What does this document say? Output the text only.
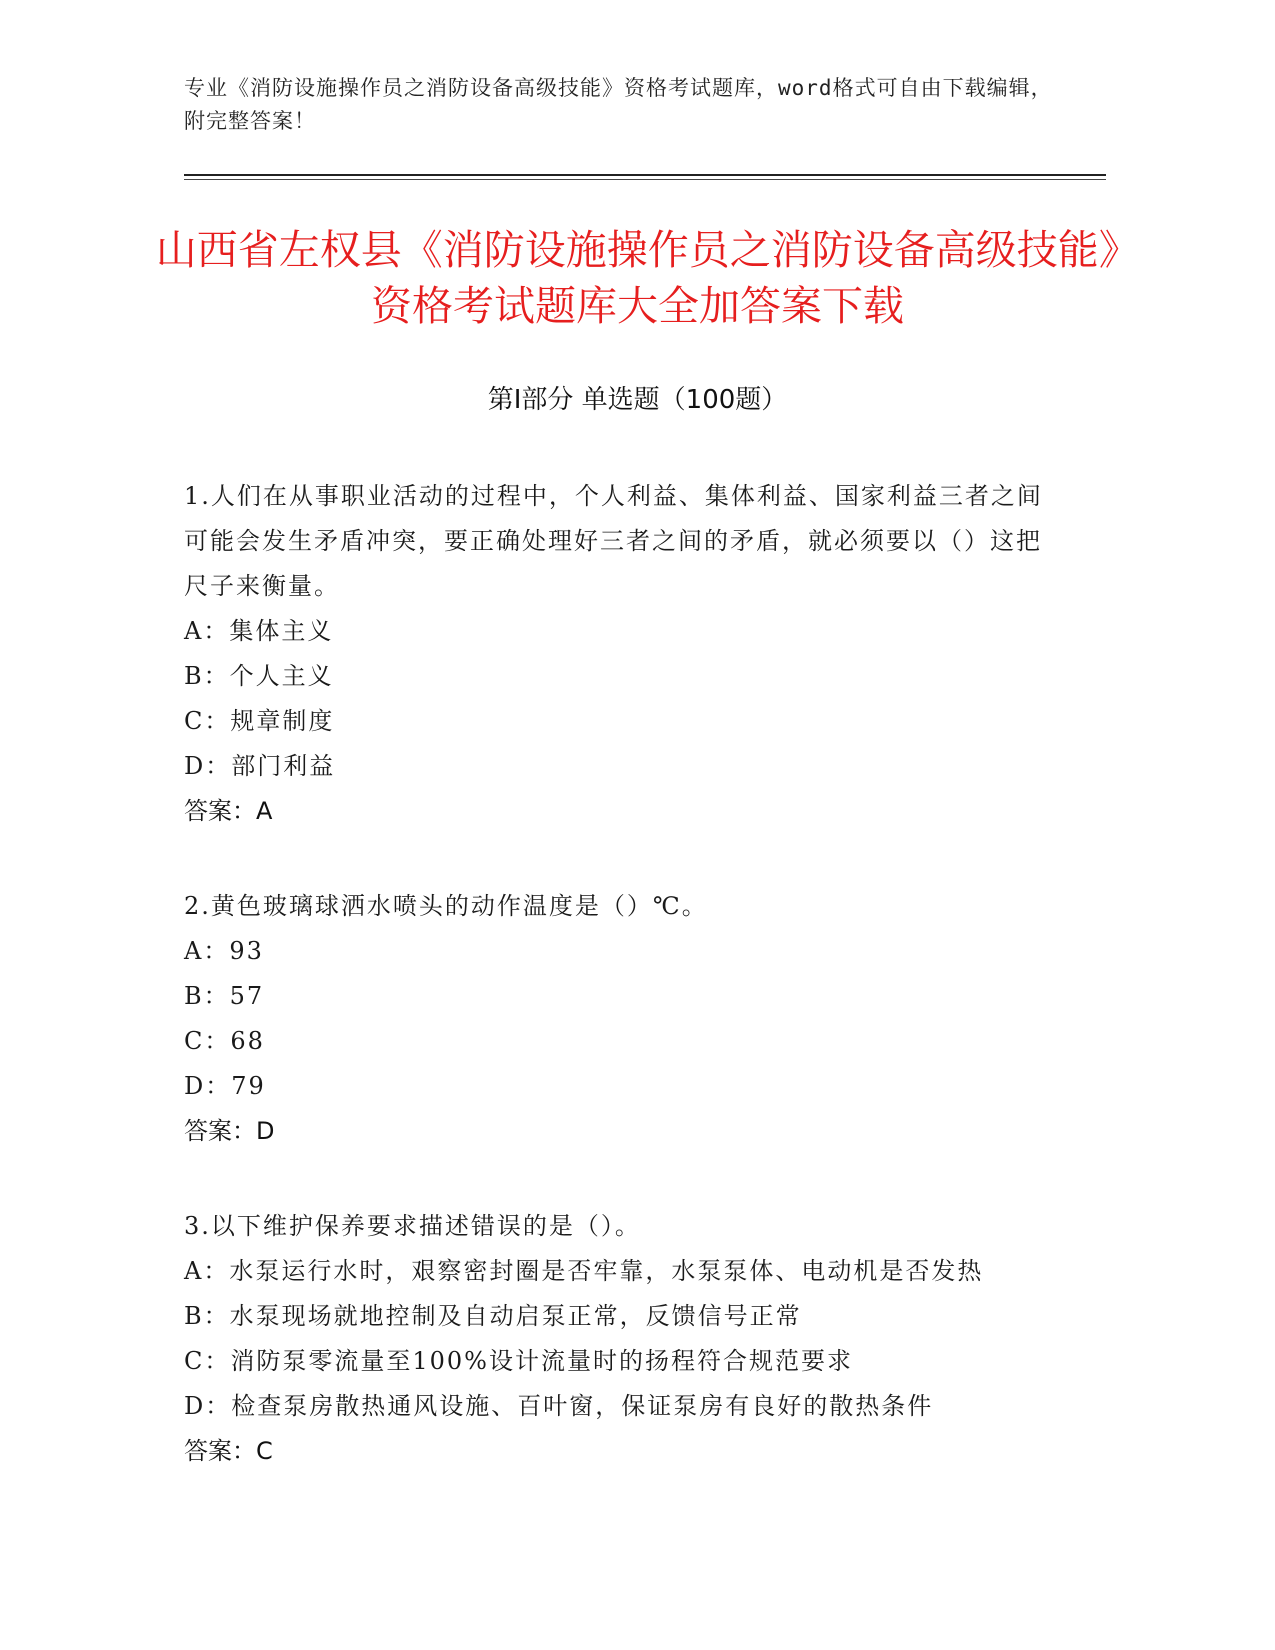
专业《消防设施操作员之消防设备高级技能》资格考试题库，word格式可自由下载编辑，附完整答案！
山西省左权县《消防设施操作员之消防设备高级技能》资格考试题库大全加答案下载
第Ⅰ部分 单选题（100题）
1.人们在从事职业活动的过程中，个人利益、集体利益、国家利益三者之间可能会发生矛盾冲突，要正确处理好三者之间的矛盾，就必须要以（）这把尺子来衡量。
A：集体主义
B：个人主义
C：规章制度
D：部门利益
答案：A
2.黄色玻璃球洒水喷头的动作温度是（）℃。
A：93
B：57
C：68
D：79
答案：D
3.以下维护保养要求描述错误的是（）。
A：水泵运行水时，艰察密封圈是否牢靠，水泵泵体、电动机是否发热
B：水泵现场就地控制及自动启泵正常，反馈信号正常
C：消防泵零流量至100%设计流量时的扬程符合规范要求
D：检查泵房散热通风设施、百叶窗，保证泵房有良好的散热条件
答案：C
